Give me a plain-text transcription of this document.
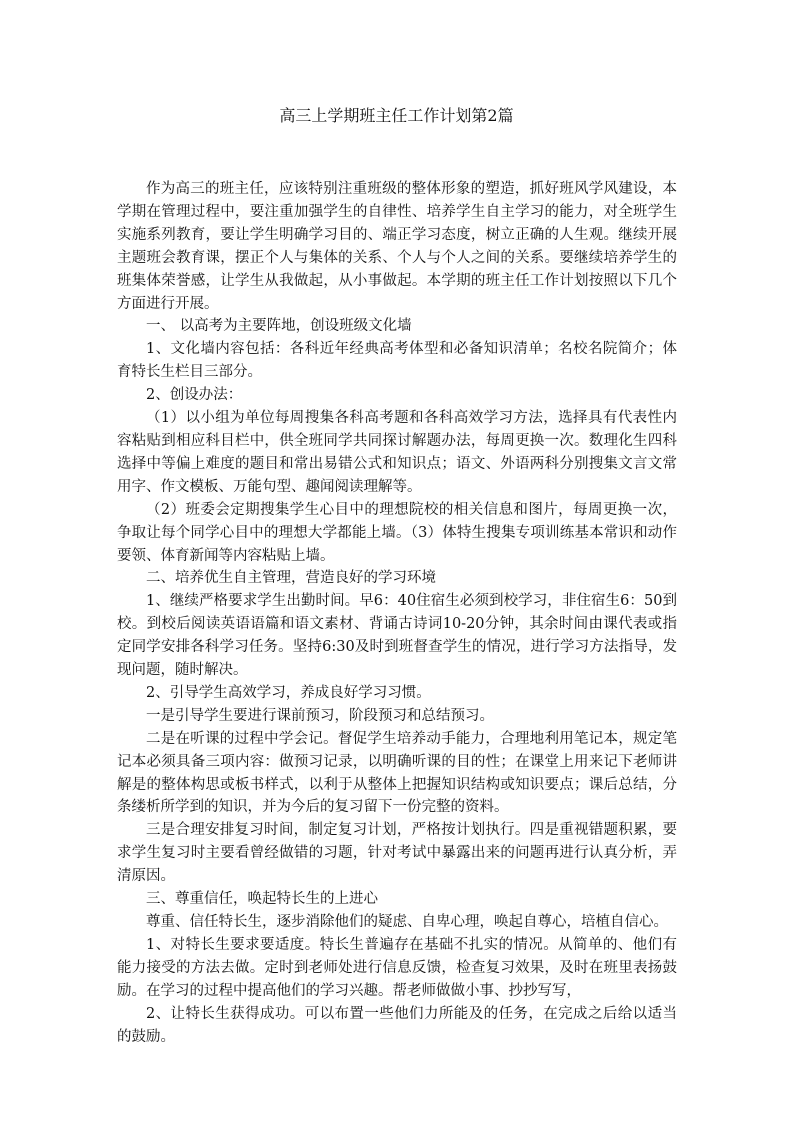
高三上学期班主任工作计划第2篇

作为高三的班主任，应该特别注重班级的整体形象的塑造，抓好班风学风建设，本学期在管理过程中，要注重加强学生的自律性、培养学生自主学习的能力，对全班学生实施系列教育，要让学生明确学习目的、端正学习态度，树立正确的人生观。继续开展主题班会教育课，摆正个人与集体的关系、个人与个人之间的关系。要继续培养学生的班集体荣誉感，让学生从我做起，从小事做起。本学期的班主任工作计划按照以下几个方面进行开展。

一、 以高考为主要阵地，创设班级文化墙

1、文化墙内容包括：各科近年经典高考体型和必备知识清单；名校名院简介；体育特长生栏目三部分。

2、创设办法：

（1）以小组为单位每周搜集各科高考题和各科高效学习方法，选择具有代表性内容粘贴到相应科目栏中，供全班同学共同探讨解题办法，每周更换一次。数理化生四科选择中等偏上难度的题目和常出易错公式和知识点；语文、外语两科分别搜集文言文常用字、作文模板、万能句型、趣闻阅读理解等。

（2）班委会定期搜集学生心目中的理想院校的相关信息和图片，每周更换一次，争取让每个同学心目中的理想大学都能上墙。（3）体特生搜集专项训练基本常识和动作要领、体育新闻等内容粘贴上墙。

二、培养优生自主管理，营造良好的学习环境

1、继续严格要求学生出勤时间。早6：40住宿生必须到校学习，非住宿生6：50到校。到校后阅读英语语篇和语文素材、背诵古诗词10-20分钟，其余时间由课代表或指定同学安排各科学习任务。坚持6:30及时到班督查学生的情况，进行学习方法指导，发现问题，随时解决。

2、引导学生高效学习，养成良好学习习惯。

一是引导学生要进行课前预习，阶段预习和总结预习。

二是在听课的过程中学会记。督促学生培养动手能力，合理地利用笔记本，规定笔记本必须具备三项内容：做预习记录，以明确听课的目的性；在课堂上用来记下老师讲解是的整体构思或板书样式，以利于从整体上把握知识结构或知识要点；课后总结，分条缕析所学到的知识，并为今后的复习留下一份完整的资料。

三是合理安排复习时间，制定复习计划，严格按计划执行。四是重视错题积累，要求学生复习时主要看曾经做错的习题，针对考试中暴露出来的问题再进行认真分析，弄清原因。

三、尊重信任，唤起特长生的上进心

尊重、信任特长生，逐步消除他们的疑虑、自卑心理，唤起自尊心，培植自信心。

1、对特长生要求要适度。特长生普遍存在基础不扎实的情况。从简单的、他们有能力接受的方法去做。定时到老师处进行信息反馈，检查复习效果，及时在班里表扬鼓励。在学习的过程中提高他们的学习兴趣。帮老师做做小事、抄抄写写，

2、让特长生获得成功。可以布置一些他们力所能及的任务，在完成之后给以适当的鼓励。
